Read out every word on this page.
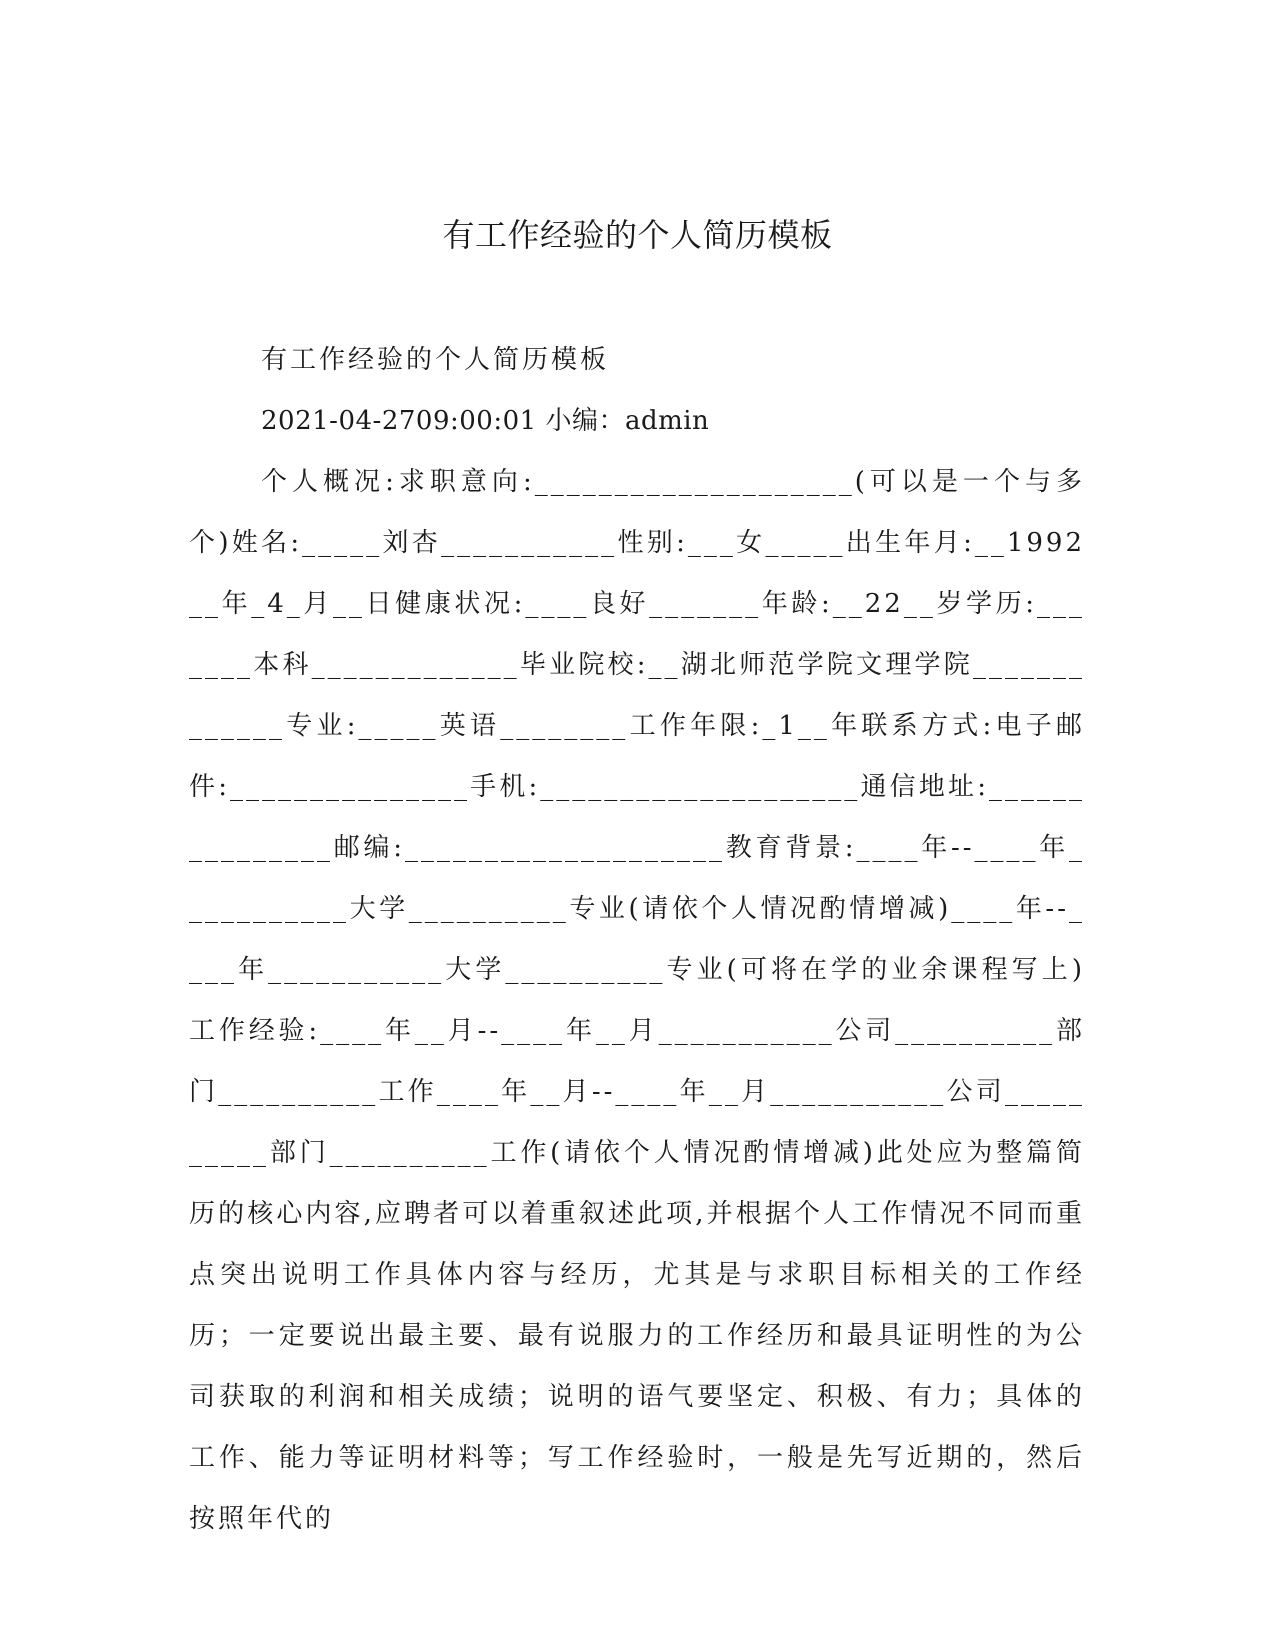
有工作经验的个人简历模板

有工作经验的个人简历模板

2021-04-2709:00:01 小编：admin

个人概况:求职意向:____________________(可以是一个与多个)姓名:_____刘杏___________性别:___女_____出生年月:__1992__年_4_月__日健康状况:____良好_______年龄:__22__岁学历:_______本科_____________毕业院校:__湖北师范学院文理学院_____________专业:_____英语________工作年限:_1__年联系方式:电子邮件:_______________手机:____________________通信地址:_______________邮编:____________________教育背景:____年--____年___________大学__________专业(请依个人情况酌情增减)____年--____年___________大学__________专业(可将在学的业余课程写上)工作经验:____年__月--____年__月___________公司__________部门__________工作____年__月--____年__月___________公司__________部门__________工作(请依个人情况酌情增减)此处应为整篇简历的核心内容,应聘者可以着重叙述此项,并根据个人工作情况不同而重点突出说明工作具体内容与经历，尤其是与求职目标相关的工作经历；一定要说出最主要、最有说服力的工作经历和最具证明性的为公司获取的利润和相关成绩；说明的语气要坚定、积极、有力；具体的工作、能力等证明材料等；写工作经验时，一般是先写近期的，然后按照年代的
